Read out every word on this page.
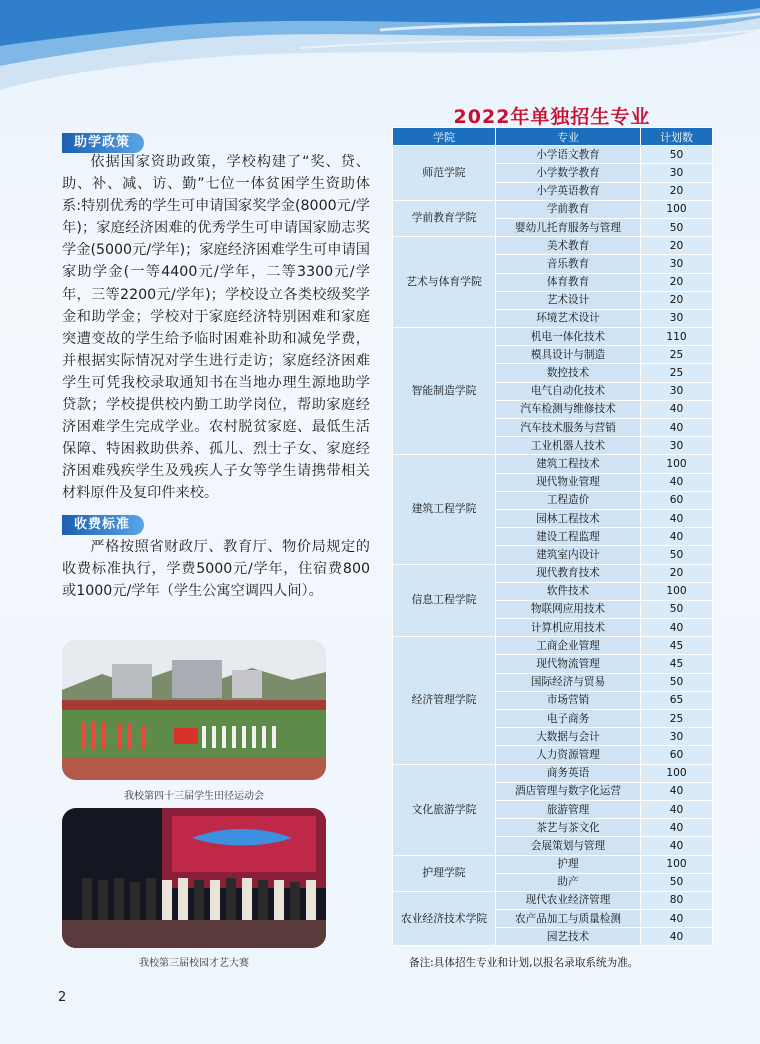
助学政策

依据国家资助政策，学校构建了“奖、贷、助、补、减、访、勤”七位一体贫困学生资助体系:特别优秀的学生可申请国家奖学金(8000元/学年)；家庭经济困难的优秀学生可申请国家励志奖学金(5000元/学年)；家庭经济困难学生可申请国家助学金(一等4400元/学年，二等3300元/学年，三等2200元/学年)；学校设立各类校级奖学金和助学金；学校对于家庭经济特别困难和家庭突遭变故的学生给予临时困难补助和减免学费，并根据实际情况对学生进行走访；家庭经济困难学生可凭我校录取通知书在当地办理生源地助学贷款；学校提供校内勤工助学岗位，帮助家庭经济困难学生完成学业。农村脱贫家庭、最低生活保障、特困救助供养、孤儿、烈士子女、家庭经济困难残疾学生及残疾人子女等学生请携带相关材料原件及复印件来校。

收费标准

严格按照省财政厅、教育厅、物价局规定的收费标准执行，学费5000元/学年，住宿费800或1000元/学年（学生公寓空调四人间）。

我校第四十三届学生田径运动会
我校第三届校园才艺大赛
2
2022年单独招生专业
学院	专业	计划数
师范学院	小学语文教育	50
	小学数学教育	30
	小学英语教育	20
学前教育学院	学前教育	100
	婴幼儿托育服务与管理	50
艺术与体育学院	美术教育	20
	音乐教育	30
	体育教育	20
	艺术设计	20
	环境艺术设计	30
智能制造学院	机电一体化技术	110
	模具设计与制造	25
	数控技术	25
	电气自动化技术	30
	汽车检测与维修技术	40
	汽车技术服务与营销	40
	工业机器人技术	30
建筑工程学院	建筑工程技术	100
	现代物业管理	40
	工程造价	60
	园林工程技术	40
	建设工程监理	40
	建筑室内设计	50
信息工程学院	现代教育技术	20
	软件技术	100
	物联网应用技术	50
	计算机应用技术	40
经济管理学院	工商企业管理	45
	现代物流管理	45
	国际经济与贸易	50
	市场营销	65
	电子商务	25
	大数据与会计	30
	人力资源管理	60
文化旅游学院	商务英语	100
	酒店管理与数字化运营	40
	旅游管理	40
	茶艺与茶文化	40
	会展策划与管理	40
护理学院	护理	100
	助产	50
农业经济技术学院	现代农业经济管理	80
	农产品加工与质量检测	40
	园艺技术	40
备注:具体招生专业和计划,以报名录取系统为准。
